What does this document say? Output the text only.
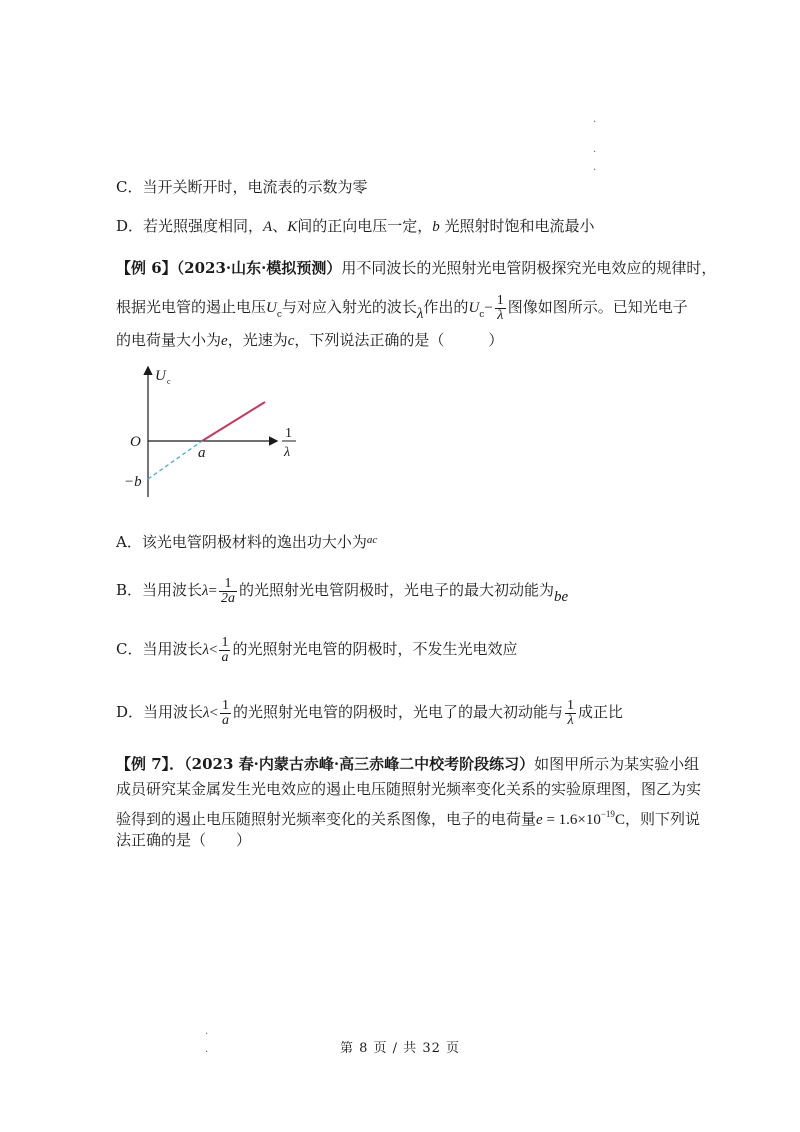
·
·
·
·
·
C．当开关断开时，电流表的示数为零
D．若光照强度相同，A、K间的正向电压一定，b 光照射时饱和电流最小
【例 6】（2023·山东·模拟预测）用不同波长的光照射光电管阴极探究光电效应的规律时，
根据光电管的遏止电压$U_c$与对应入射光的波长λ作出的$U_c- \frac{1}{\lambda}$ 图像如图所示。已知光电子
的电荷量大小为e，光速为c，下列说法正确的是（	）
U c
O
a
−b
1
λ
A．该光电管阴极材料的逸出功大小为$^{ac}$
B．当用波长$\lambda= \frac{1}{2a}$ 的光照射光电管阴极时，光电子的最大初动能为be
C．当用波长$\lambda< \frac{1}{a}$ 的光照射光电管的阴极时，不发生光电效应
D．当用波长$\lambda< \frac{1}{a}$ 的光照射光电管的阴极时，光电了的最大初动能与 $\frac{1}{\lambda}$ 成正比
【例 7】．（2023 春·内蒙古赤峰·高三赤峰二中校考阶段练习）如图甲所示为某实验小组
成员研究某金属发生光电效应的遏止电压随照射光频率变化关系的实验原理图，图乙为实
验得到的遏止电压随照射光频率变化的关系图像，电子的电荷量$e = 1.6\times 10^{-19}C$，则下列说
法正确的是（ ）
第 8 页 / 共 32 页
